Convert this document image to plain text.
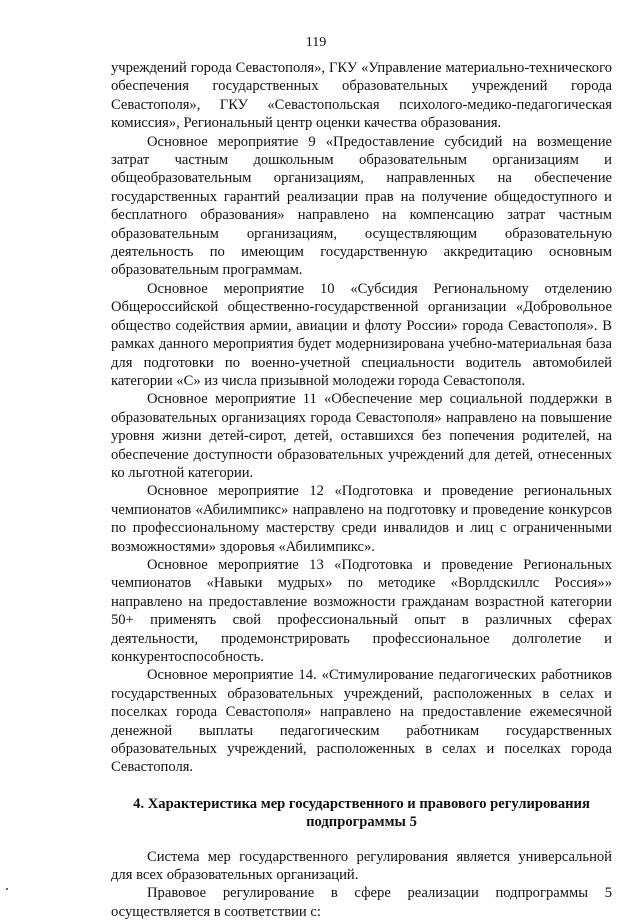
119

учреждений города Севастополя», ГКУ «Управление материально-технического обеспечения государственных образовательных учреждений города Севастополя», ГКУ «Севастопольская психолого-медико-педагогическая комиссия», Региональный центр оценки качества образования.

Основное мероприятие 9 «Предоставление субсидий на возмещение затрат частным дошкольным образовательным организациям и общеобразовательным организациям, направленных на обеспечение государственных гарантий реализации прав на получение общедоступного и бесплатного образования» направлено на компенсацию затрат частным образовательным организациям, осуществляющим образовательную деятельность по имеющим государственную аккредитацию основным образовательным программам.

Основное мероприятие 10 «Субсидия Региональному отделению Общероссийской общественно-государственной организации «Добровольное общество содействия армии, авиации и флоту России» города Севастополя». В рамках данного мероприятия будет модернизирована учебно-материальная база для подготовки по военно-учетной специальности водитель автомобилей категории «С» из числа призывной молодежи города Севастополя.

Основное мероприятие 11 «Обеспечение мер социальной поддержки в образовательных организациях города Севастополя» направлено на повышение уровня жизни детей-сирот, детей, оставшихся без попечения родителей, на обеспечение доступности образовательных учреждений для детей, отнесенных ко льготной категории.

Основное мероприятие 12 «Подготовка и проведение региональных чемпионатов «Абилимпикс» направлено на подготовку и проведение конкурсов по профессиональному мастерству среди инвалидов и лиц с ограниченными возможностями» здоровья «Абилимпикс».

Основное мероприятие 13 «Подготовка и проведение Региональных чемпионатов «Навыки мудрых» по методике «Ворлдскиллс Россия»» направлено на предоставление возможности гражданам возрастной категории 50+ применять свой профессиональный опыт в различных сферах деятельности, продемонстрировать профессиональное долголетие и конкурентоспособность.

Основное мероприятие 14. «Стимулирование педагогических работников государственных образовательных учреждений, расположенных в селах и поселках города Севастополя» направлено на предоставление ежемесячной денежной выплаты педагогическим работникам государственных образовательных учреждений, расположенных в селах и поселках города Севастополя.

4. Характеристика мер государственного и правового регулирования
подпрограммы 5

Система мер государственного регулирования является универсальной для всех образовательных организаций.

Правовое регулирование в сфере реализации подпрограммы 5 осуществляется в соответствии с:
